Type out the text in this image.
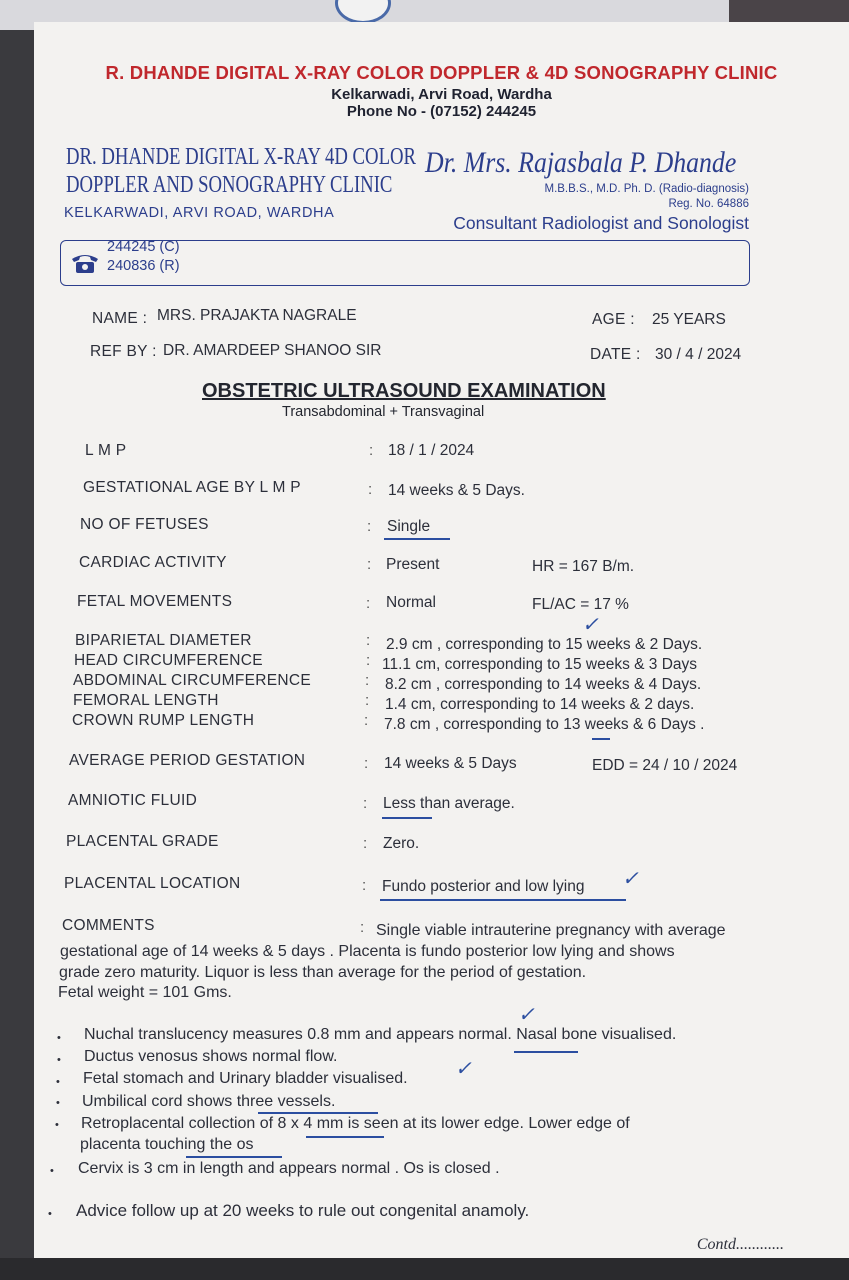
R. DHANDE DIGITAL X-RAY COLOR DOPPLER & 4D SONOGRAPHY CLINIC
Kelkarwadi, Arvi Road, Wardha
Phone No - (07152) 244245
DR. DHANDE DIGITAL X-RAY 4D COLOR
DOPPLER AND SONOGRAPHY CLINIC
KELKARWADI, ARVI ROAD, WARDHA
Dr. Mrs. Rajasbala P. Dhande
M.B.B.S., M.D. Ph. D. (Radio-diagnosis)
Reg. No. 64886
Consultant Radiologist and Sonologist
244245 (C)
240836 (R)
NAME : MRS. PRAJAKTA NAGRALE	AGE : 25 YEARS
REF BY : DR. AMARDEEP SHANOO SIR	DATE : 30 / 4 / 2024
OBSTETRIC ULTRASOUND EXAMINATION
Transabdominal + Transvaginal
L M P	: 18 / 1 / 2024
GESTATIONAL AGE BY L M P	: 14 weeks & 5 Days.
NO OF FETUSES	: Single
CARDIAC ACTIVITY	: Present	HR = 167 B/m.
FETAL MOVEMENTS	: Normal	FL/AC = 17 %
✓
BIPARIETAL DIAMETER	: 2.9 cm , corresponding to 15 weeks & 2 Days.
HEAD CIRCUMFERENCE	: 11.1 cm, corresponding to 15 weeks & 3 Days
ABDOMINAL CIRCUMFERENCE	: 8.2 cm , corresponding to 14 weeks & 4 Days.
FEMORAL LENGTH	: 1.4 cm, corresponding to 14 weeks & 2 days.
CROWN RUMP LENGTH	: 7.8 cm , corresponding to 13 weeks & 6 Days .
AVERAGE PERIOD GESTATION	: 14 weeks & 5 Days	EDD = 24 / 10 / 2024
AMNIOTIC FLUID	: Less than average.
PLACENTAL GRADE	: Zero.
PLACENTAL LOCATION	: Fundo posterior and low lying ✓
COMMENTS	: Single viable intrauterine pregnancy with average
gestational age of 14 weeks & 5 days . Placenta is fundo posterior low lying and shows
grade zero maturity. Liquor is less than average for the period of gestation.
Fetal weight = 101 Gms.
✓
• Nuchal translucency measures 0.8 mm and appears normal. Nasal bone visualised.
• Ductus venosus shows normal flow.
✓
• Fetal stomach and Urinary bladder visualised.
• Umbilical cord shows three vessels.
• Retroplacental collection of 8 x 4 mm is seen at its lower edge. Lower edge of
placenta touching the os
• Cervix is 3 cm in length and appears normal . Os is closed .
• Advice follow up at 20 weeks to rule out congenital anamoly.
Contd............
